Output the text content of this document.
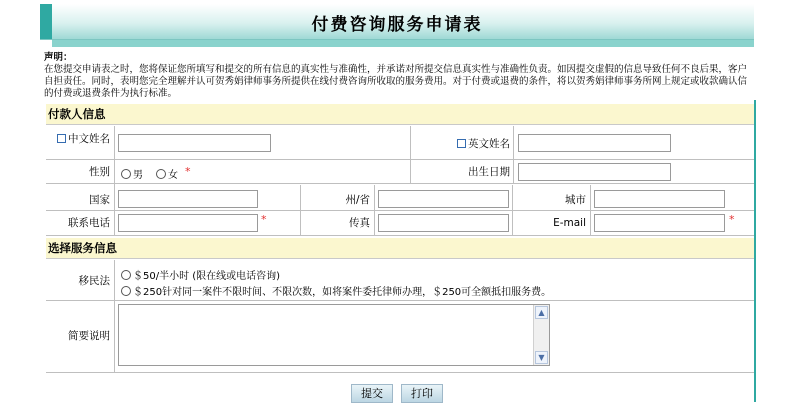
付费咨询服务申请表
声明：
在您提交申请表之时，您将保证您所填写和提交的所有信息的真实性与准确性，并承诺对所提交信息真实性与准确性负责。如因提交虚假的信息导致任何不良后果，客户自担责任。同时，表明您完全理解并认可贺秀娟律师事务所提供在线付费咨询所收取的服务费用。对于付费或退费的条件，将以贺秀娟律师事务所网上规定或收款确认信的付费或退费条件为执行标准。
付款人信息
中文姓名	英文姓名
性别	男	女 *	出生日期
国家	州/省	城市
联系电话	*	传真	E-mail	*
选择服务信息
移民法	＄50/半小时 (限在线或电话咨询)
＄250针对同一案件不限时间、不限次数，如将案件委托律师办理，＄250可全额抵扣服务费。
简要说明
▲
▼
提交	打印
